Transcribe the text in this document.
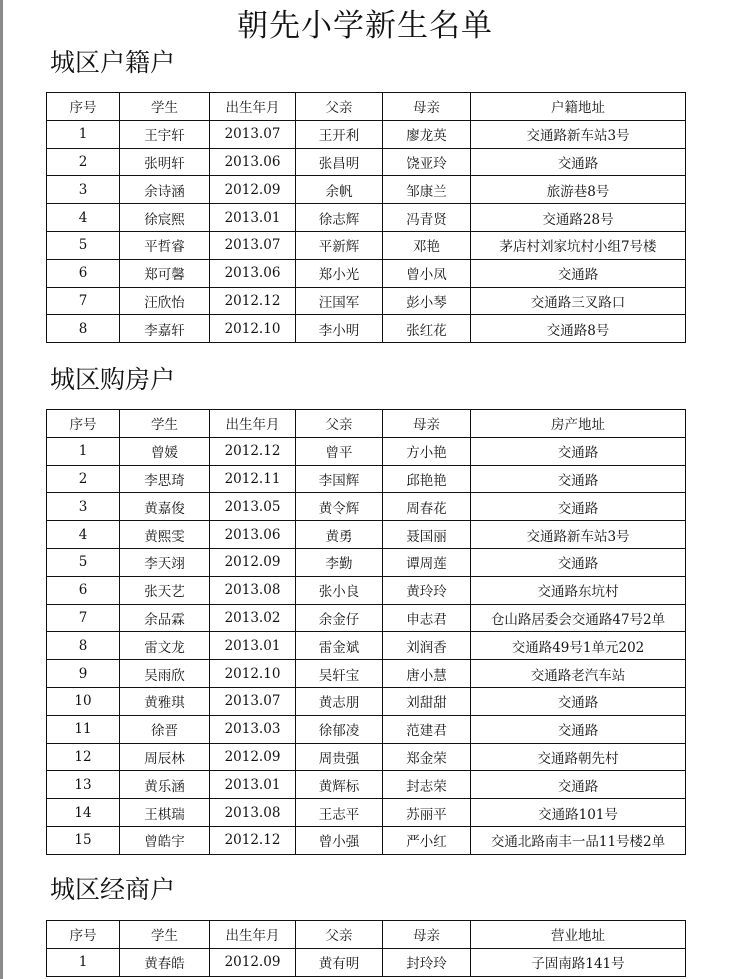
朝先小学新生名单
城区户籍户
序号	学生	出生年月	父亲	母亲	户籍地址
1	王宇轩	2013.07	王开利	廖龙英	交通路新车站3号
2	张明轩	2013.06	张昌明	饶亚玲	交通路
3	余诗涵	2012.09	余帆	邹康兰	旅游巷8号
4	徐宸熙	2013.01	徐志辉	冯青贤	交通路28号
5	平哲睿	2013.07	平新辉	邓艳	茅店村刘家坑村小组7号楼
6	郑可馨	2013.06	郑小光	曾小凤	交通路
7	汪欣怡	2012.12	汪国军	彭小琴	交通路三叉路口
8	李嘉轩	2012.10	李小明	张红花	交通路8号
城区购房户
序号	学生	出生年月	父亲	母亲	房产地址
1	曾媛	2012.12	曾平	方小艳	交通路
2	李思琦	2012.11	李国辉	邱艳艳	交通路
3	黄嘉俊	2013.05	黄令辉	周春花	交通路
4	黄熙雯	2013.06	黄勇	聂国丽	交通路新车站3号
5	李天翊	2012.09	李勤	谭周莲	交通路
6	张天艺	2013.08	张小良	黄玲玲	交通路东坑村
7	余品霖	2013.02	余金仔	申志君	仓山路居委会交通路47号2单
8	雷文龙	2013.01	雷金斌	刘润香	交通路49号1单元202
9	吴雨欣	2012.10	吴轩宝	唐小慧	交通路老汽车站
10	黄雅琪	2013.07	黄志朋	刘甜甜	交通路
11	徐晋	2013.03	徐郁凌	范建君	交通路
12	周辰林	2012.09	周贵强	郑金荣	交通路朝先村
13	黄乐涵	2013.01	黄辉标	封志荣	交通路
14	王棋瑞	2013.08	王志平	苏丽平	交通路101号
15	曾皓宇	2012.12	曾小强	严小红	交通北路南丰一品11号楼2单
城区经商户
序号	学生	出生年月	父亲	母亲	营业地址
1	黄春皓	2012.09	黄有明	封玲玲	子固南路141号
